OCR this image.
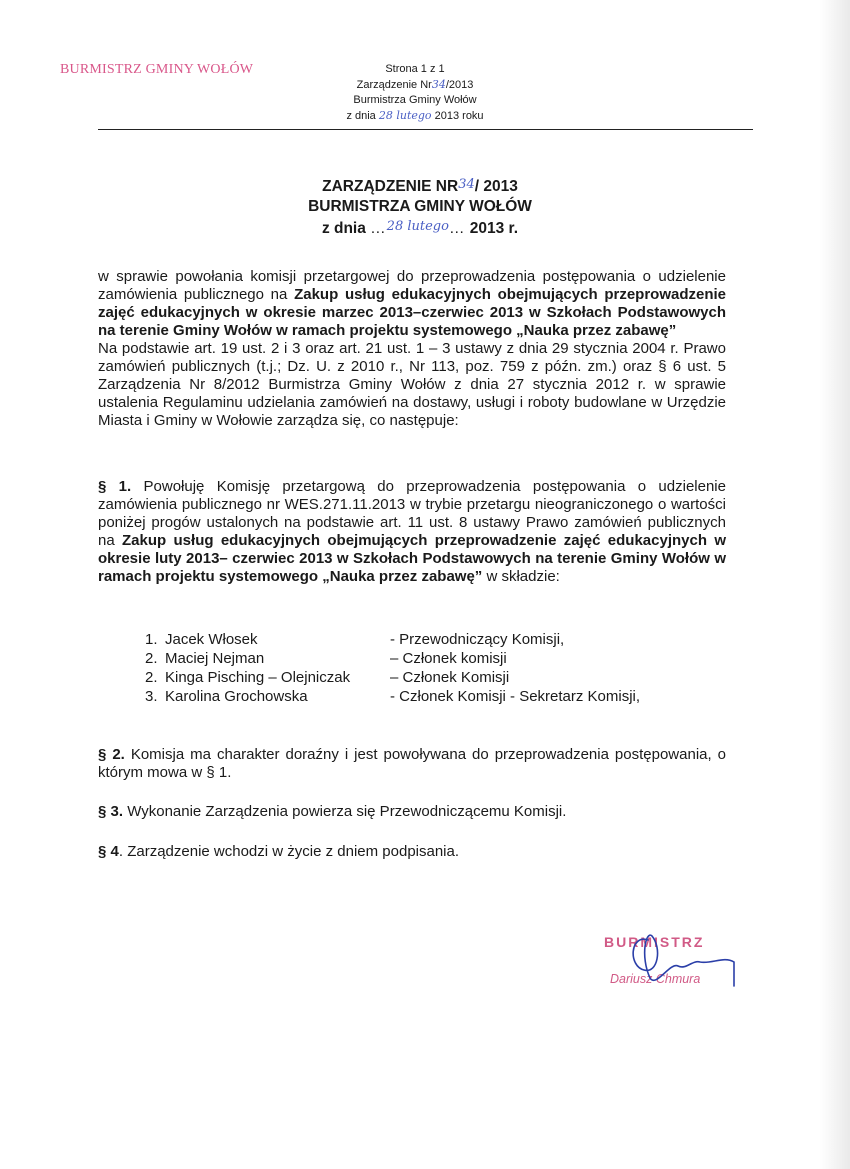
BURMISTRZ GMINY WOŁÓW	Strona 1 z 1
Zarządzenie Nr34/2013
Burmistrza Gminy Wołów
z dnia 28 lutego 2013 roku
ZARZĄDZENIE NR34/ 2013
BURMISTRZA GMINY WOŁÓW
z dnia …28 lutego… 2013 r.
w sprawie powołania komisji przetargowej do przeprowadzenia postępowania o udzielenie zamówienia publicznego na Zakup usług edukacyjnych obejmujących przeprowadzenie zajęć edukacyjnych w okresie marzec 2013–czerwiec 2013 w Szkołach Podstawowych na terenie Gminy Wołów w ramach projektu systemowego „Nauka przez zabawę”
Na podstawie art. 19 ust. 2 i 3 oraz art. 21 ust. 1 – 3 ustawy z dnia 29 stycznia 2004 r. Prawo zamówień publicznych (t.j.; Dz. U. z 2010 r., Nr 113, poz. 759 z późn. zm.) oraz § 6 ust. 5 Zarządzenia Nr 8/2012 Burmistrza Gminy Wołów z dnia 27 stycznia 2012 r. w sprawie ustalenia Regulaminu udzielania zamówień na dostawy, usługi i roboty budowlane w Urzędzie Miasta i Gminy w Wołowie zarządza się, co następuje:
§ 1. Powołuję Komisję przetargową do przeprowadzenia postępowania o udzielenie zamówienia publicznego nr WES.271.11.2013 w trybie przetargu nieograniczonego o wartości poniżej progów ustalonych na podstawie art. 11 ust. 8 ustawy Prawo zamówień publicznych na Zakup usług edukacyjnych obejmujących przeprowadzenie zajęć edukacyjnych w okresie luty 2013– czerwiec 2013 w Szkołach Podstawowych na terenie Gminy Wołów w ramach projektu systemowego „Nauka przez zabawę” w składzie:
1. Jacek Włosek	- Przewodniczący Komisji,
2. Maciej Nejman	– Członek komisji
2. Kinga Pisching – Olejniczak	– Członek Komisji
3. Karolina Grochowska	- Członek Komisji - Sekretarz Komisji,
§ 2. Komisja ma charakter doraźny i jest powoływana do przeprowadzenia postępowania, o którym mowa w § 1.
§ 3. Wykonanie Zarządzenia powierza się Przewodniczącemu Komisji.
§ 4. Zarządzenie wchodzi w życie z dniem podpisania.
BURMISTRZ
Dariusz Chmura
